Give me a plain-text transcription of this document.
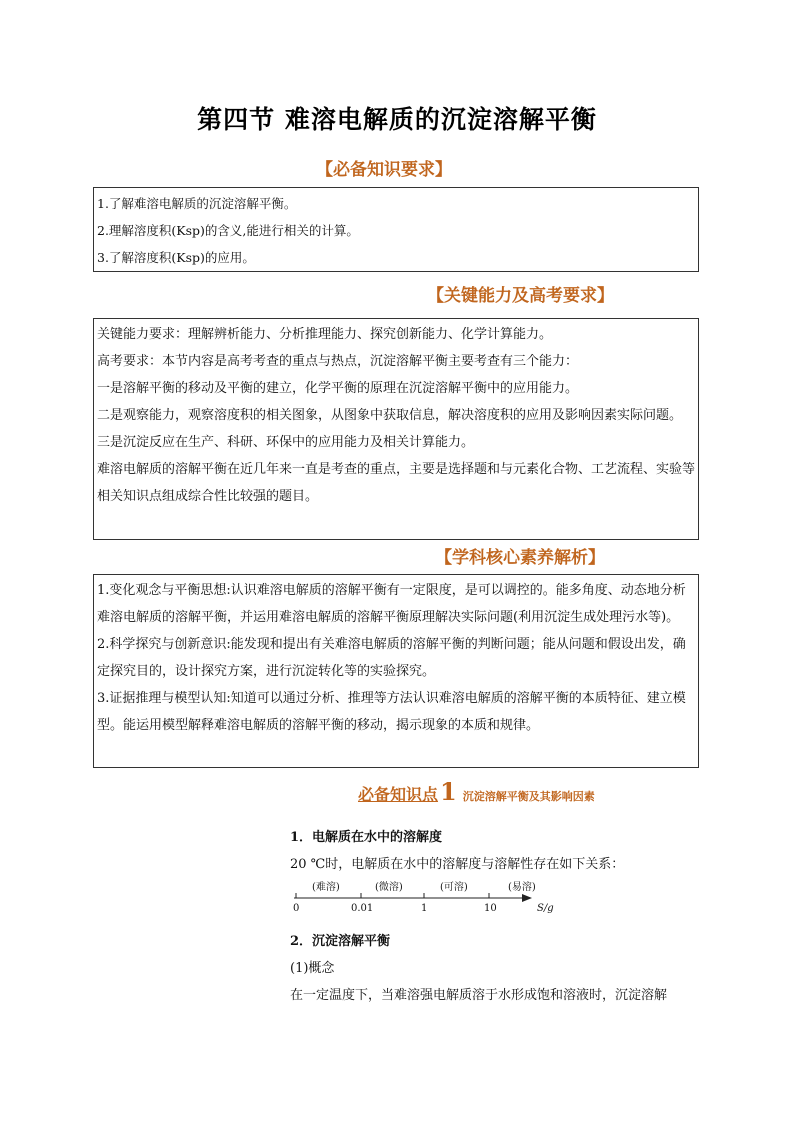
第四节 难溶电解质的沉淀溶解平衡
【必备知识要求】

1.了解难溶电解质的沉淀溶解平衡。

2.理解溶度积(Ksp)的含义,能进行相关的计算。

3.了解溶度积(Ksp)的应用。

【关键能力及高考要求】

关键能力要求：理解辨析能力、分析推理能力、探究创新能力、化学计算能力。

高考要求：本节内容是高考考查的重点与热点，沉淀溶解平衡主要考查有三个能力：

一是溶解平衡的移动及平衡的建立，化学平衡的原理在沉淀溶解平衡中的应用能力。

二是观察能力，观察溶度积的相关图象，从图象中获取信息，解决溶度积的应用及影响因素实际问题。

三是沉淀反应在生产、科研、环保中的应用能力及相关计算能力。

难溶电解质的溶解平衡在近几年来一直是考查的重点，主要是选择题和与元素化合物、工艺流程、实验等相关知识点组成综合性比较强的题目。

【学科核心素养解析】

1.变化观念与平衡思想:认识难溶电解质的溶解平衡有一定限度，是可以调控的。能多角度、动态地分析难溶电解质的溶解平衡，并运用难溶电解质的溶解平衡原理解决实际问题(利用沉淀生成处理污水等)。

2.科学探究与创新意识:能发现和提出有关难溶电解质的溶解平衡的判断问题；能从问题和假设出发，确定探究目的，设计探究方案，进行沉淀转化等的实验探究。

3.证据推理与模型认知:知道可以通过分析、推理等方法认识难溶电解质的溶解平衡的本质特征、建立模型。能运用模型解释难溶电解质的溶解平衡的移动，揭示现象的本质和规律。

必备知识点1 沉淀溶解平衡及其影响因素
1．电解质在水中的溶解度
20 ℃时，电解质在水中的溶解度与溶解性存在如下关系：
(难溶)	(微溶)	(可溶)	(易溶)
0	0.01	1	10	S/g
2．沉淀溶解平衡
(1)概念
在一定温度下，当难溶强电解质溶于水形成饱和溶液时，沉淀溶解
